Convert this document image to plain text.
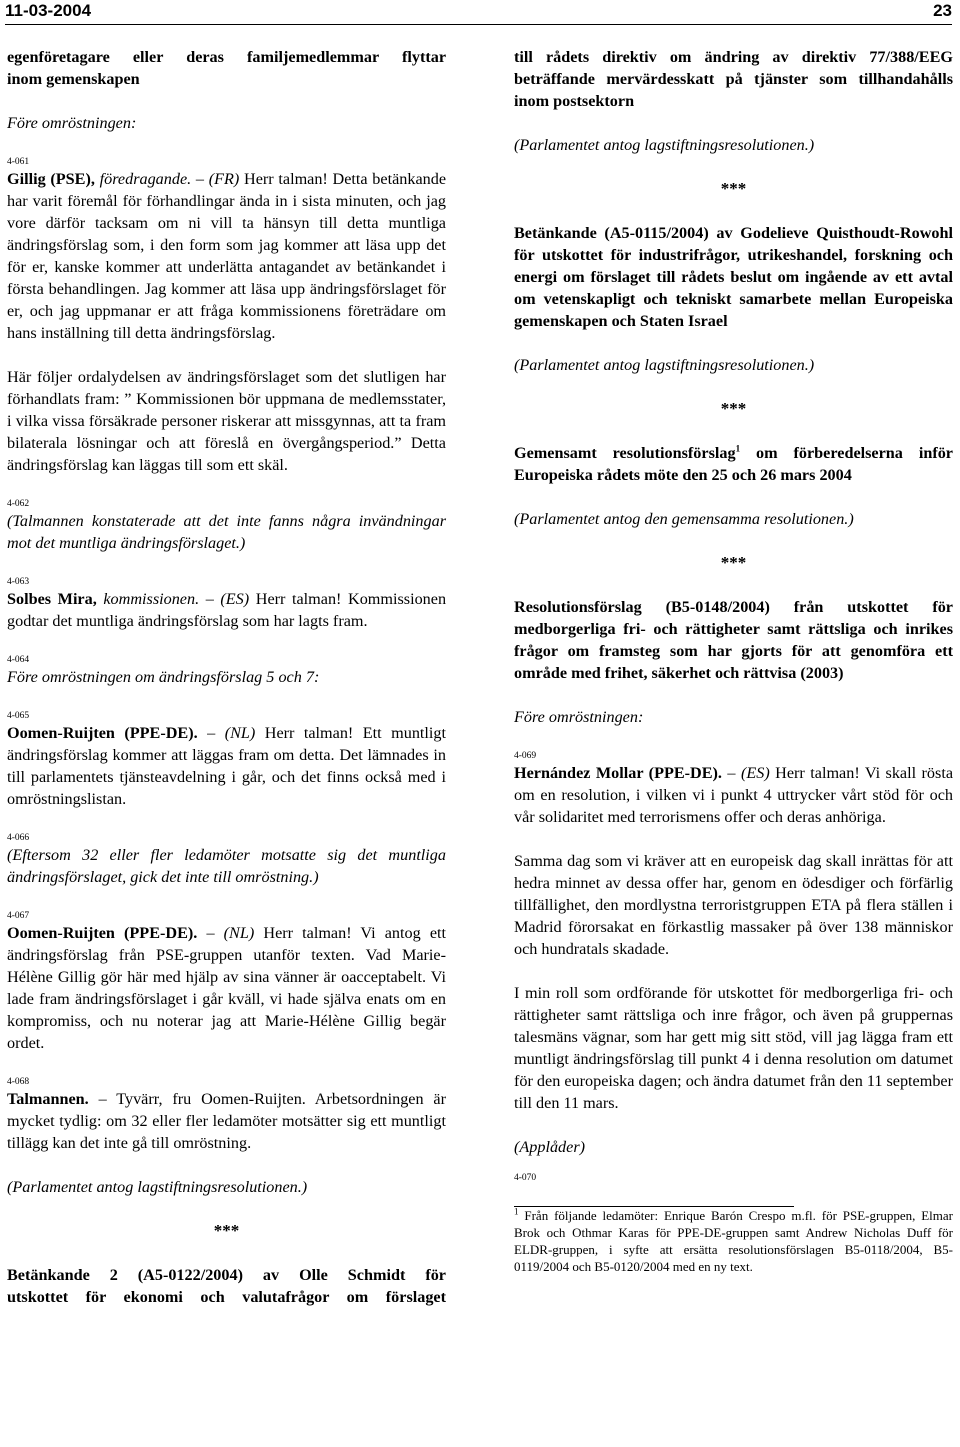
11-03-2004	23

egenföretagare eller deras familjemedlemmar flyttar

inom gemenskapen

Före omröstningen:

4-061

Gillig (PSE), föredragande. – (FR) Herr talman! Detta betänkande har varit föremål för förhandlingar ända in i sista minuten, och jag vore därför tacksam om ni vill ta hänsyn till detta muntliga ändringsförslag som, i den form som jag kommer att läsa upp det för er, kanske kommer att underlätta antagandet av betänkandet i första behandlingen. Jag kommer att läsa upp ändringsförslaget för er, och jag uppmanar er att fråga kommissionens företrädare om hans inställning till detta ändringsförslag.

Här följer ordalydelsen av ändringsförslaget som det slutligen har förhandlats fram: ” Kommissionen bör uppmana de medlemsstater, i vilka vissa försäkrade personer riskerar att missgynnas, att ta fram bilaterala lösningar och att föreslå en övergångsperiod.” Detta ändringsförslag kan läggas till som ett skäl.

4-062

(Talmannen konstaterade att det inte fanns några invändningar mot det muntliga ändringsförslaget.)

4-063

Solbes Mira, kommissionen. – (ES) Herr talman! Kommissionen godtar det muntliga ändringsförslag som har lagts fram.

4-064

Före omröstningen om ändringsförslag 5 och 7:

4-065

Oomen-Ruijten (PPE-DE). – (NL) Herr talman! Ett muntligt ändringsförslag kommer att läggas fram om detta. Det lämnades in till parlamentets tjänsteavdelning i går, och det finns också med i omröstningslistan.

4-066

(Eftersom 32 eller fler ledamöter motsatte sig det muntliga ändringsförslaget, gick det inte till omröstning.)

4-067

Oomen-Ruijten (PPE-DE). – (NL) Herr talman! Vi antog ett ändringsförslag från PSE-gruppen utanför texten. Vad Marie-Hélène Gillig gör här med hjälp av sina vänner är oacceptabelt. Vi lade fram ändringsförslaget i går kväll, vi hade själva enats om en kompromiss, och nu noterar jag att Marie-Hélène Gillig begär ordet.

4-068

Talmannen. – Tyvärr, fru Oomen-Ruijten. Arbetsordningen är mycket tydlig: om 32 eller fler ledamöter motsätter sig ett muntligt tillägg kan det inte gå till omröstning.

(Parlamentet antog lagstiftningsresolutionen.)

***

Betänkande 2 (A5-0122/2004) av Olle Schmidt för

utskottet för ekonomi och valutafrågor om förslaget

till rådets direktiv om ändring av direktiv 77/388/EEG beträffande mervärdesskatt på tjänster som tillhandahålls inom postsektorn

(Parlamentet antog lagstiftningsresolutionen.)

***

Betänkande (A5-0115/2004) av Godelieve Quisthoudt-Rowohl för utskottet för industrifrågor, utrikeshandel, forskning och energi om förslaget till rådets beslut om ingående av ett avtal om vetenskapligt och tekniskt samarbete mellan Europeiska gemenskapen och Staten Israel

(Parlamentet antog lagstiftningsresolutionen.)

***

Gemensamt resolutionsförslag$^1$ om förberedelserna inför Europeiska rådets möte den 25 och 26 mars 2004

(Parlamentet antog den gemensamma resolutionen.)

***

Resolutionsförslag (B5-0148/2004) från utskottet för medborgerliga fri- och rättigheter samt rättsliga och inrikes frågor om framsteg som har gjorts för att genomföra ett område med frihet, säkerhet och rättvisa (2003)

Före omröstningen:

4-069

Hernández Mollar (PPE-DE). – (ES) Herr talman! Vi skall rösta om en resolution, i vilken vi i punkt 4 uttrycker vårt stöd för och vår solidaritet med terrorismens offer och deras anhöriga.

Samma dag som vi kräver att en europeisk dag skall inrättas för att hedra minnet av dessa offer har, genom en ödesdiger och förfärlig tillfällighet, den mordlystna terroristgruppen ETA på flera ställen i Madrid förorsakat en förkastlig massaker på över 138 människor och hundratals skadade.

I min roll som ordförande för utskottet för medborgerliga fri- och rättigheter samt rättsliga och inre frågor, och även på gruppernas talesmäns vägnar, som har gett mig sitt stöd, vill jag lägga fram ett muntligt ändringsförslag till punkt 4 i denna resolution om datumet för den europeiska dagen; och ändra datumet från den 11 september till den 11 mars.

(Applåder)

4-070

$^1$ Från följande ledamöter: Enrique Barón Crespo m.fl. för PSE-gruppen, Elmar Brok och Othmar Karas för PPE-DE-gruppen samt Andrew Nicholas Duff för ELDR-gruppen, i syfte att ersätta resolutionsförslagen B5-0118/2004, B5-0119/2004 och B5-0120/2004 med en ny text.
